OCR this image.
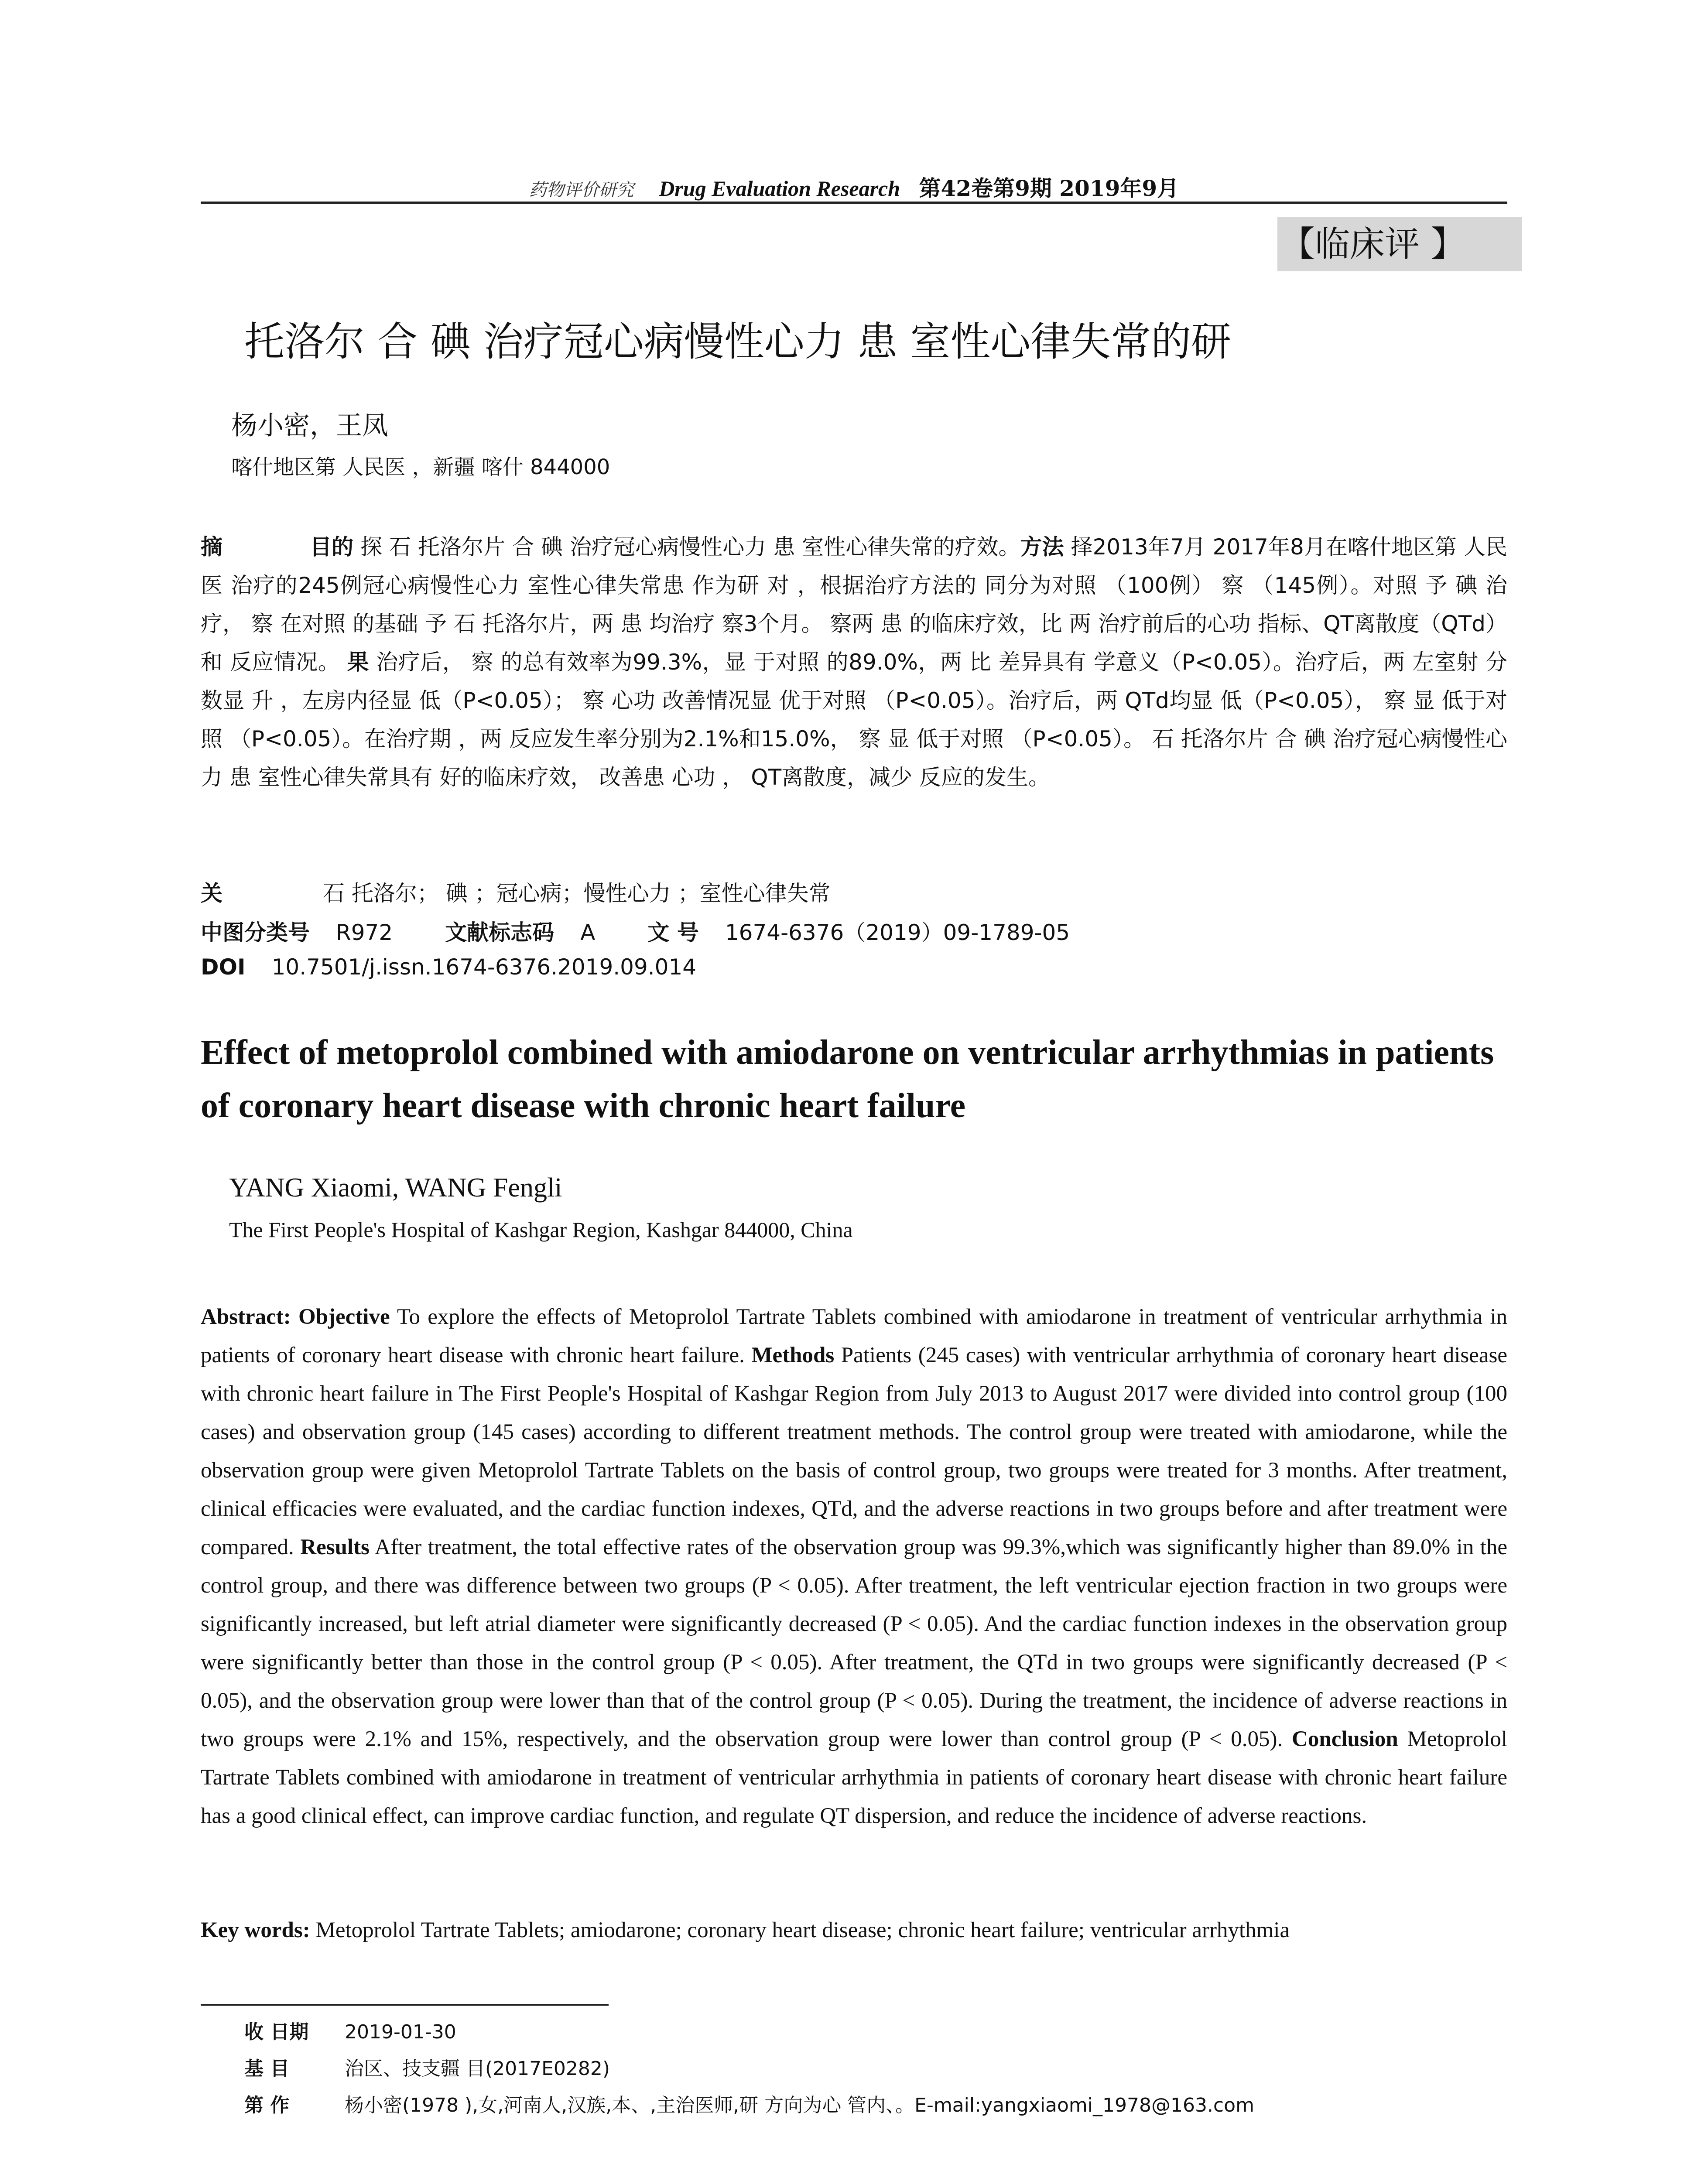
药物评价研究 Drug Evaluation Research 第42卷第9期 2019年9月
【临床评 】
托洛尔 合 碘 治疗冠心病慢性心力 患 室性心律失常的研
杨小密，王凤
喀什地区第 人民医 ，新疆 喀什 844000
摘	目的 探 石 托洛尔片 合 碘 治疗冠心病慢性心力 患 室性心律失常的疗效。方法 择2013年7月 2017年8月在喀什地区第 人民医 治疗的245例冠心病慢性心力 室性心律失常患 作为研 对 ，根据治疗方法的 同分为对照 （100例） 察 （145例）。对照 予 碘 治疗， 察 在对照 的基础 予 石 托洛尔片，两 患 均治疗 察3个月。 察两 患 的临床疗效，比 两 治疗前后的心功 指标、QT离散度（QTd）和 反应情况。 果 治疗后， 察 的总有效率为99.3%，显 于对照 的89.0%，两 比 差异具有 学意义（P<0.05）。治疗后，两 左室射 分数显 升 ，左房内径显 低（P<0.05）； 察 心功 改善情况显 优于对照 （P<0.05）。治疗后，两 QTd均显 低（P<0.05）， 察 显 低于对照 （P<0.05）。在治疗期 ，两 反应发生率分别为2.1%和15.0%， 察 显 低于对照 （P<0.05）。 石 托洛尔片 合 碘 治疗冠心病慢性心力 患 室性心律失常具有 好的临床疗效， 改善患 心功 ， QT离散度，减少 反应的发生。
关	石 托洛尔； 碘 ；冠心病；慢性心力 ；室性心律失常
中图分类号 R972 文献标志码 A 文 号 1674-6376（2019）09-1789-05
DOI 10.7501/j.issn.1674-6376.2019.09.014
Effect of metoprolol combined with amiodarone on ventricular arrhythmias in patients of coronary heart disease with chronic heart failure
YANG Xiaomi, WANG Fengli
The First People's Hospital of Kashgar Region, Kashgar 844000, China
Abstract: Objective To explore the effects of Metoprolol Tartrate Tablets combined with amiodarone in treatment of ventricular arrhythmia in patients of coronary heart disease with chronic heart failure. Methods Patients (245 cases) with ventricular arrhythmia of coronary heart disease with chronic heart failure in The First People's Hospital of Kashgar Region from July 2013 to August 2017 were divided into control group (100 cases) and observation group (145 cases) according to different treatment methods. The control group were treated with amiodarone, while the observation group were given Metoprolol Tartrate Tablets on the basis of control group, two groups were treated for 3 months. After treatment, clinical efficacies were evaluated, and the cardiac function indexes, QTd, and the adverse reactions in two groups before and after treatment were compared. Results After treatment, the total effective rates of the observation group was 99.3%,which was significantly higher than 89.0% in the control group, and there was difference between two groups (P < 0.05). After treatment, the left ventricular ejection fraction in two groups were significantly increased, but left atrial diameter were significantly decreased (P < 0.05). And the cardiac function indexes in the observation group were significantly better than those in the control group (P < 0.05). After treatment, the QTd in two groups were significantly decreased (P < 0.05), and the observation group were lower than that of the control group (P < 0.05). During the treatment, the incidence of adverse reactions in two groups were 2.1% and 15%, respectively, and the observation group were lower than control group (P < 0.05). Conclusion Metoprolol Tartrate Tablets combined with amiodarone in treatment of ventricular arrhythmia in patients of coronary heart disease with chronic heart failure has a good clinical effect, can improve cardiac function, and regulate QT dispersion, and reduce the incidence of adverse reactions.
Key words: Metoprolol Tartrate Tablets; amiodarone; coronary heart disease; chronic heart failure; ventricular arrhythmia
收 日期 2019-01-30
基 目	治区、技支疆 目(2017E0282)
第 作	杨小密(1978 ),女,河南人,汉族,本、,主治医师,研 方向为心 管内、。E-mail:yangxiaomi_1978@163.com
